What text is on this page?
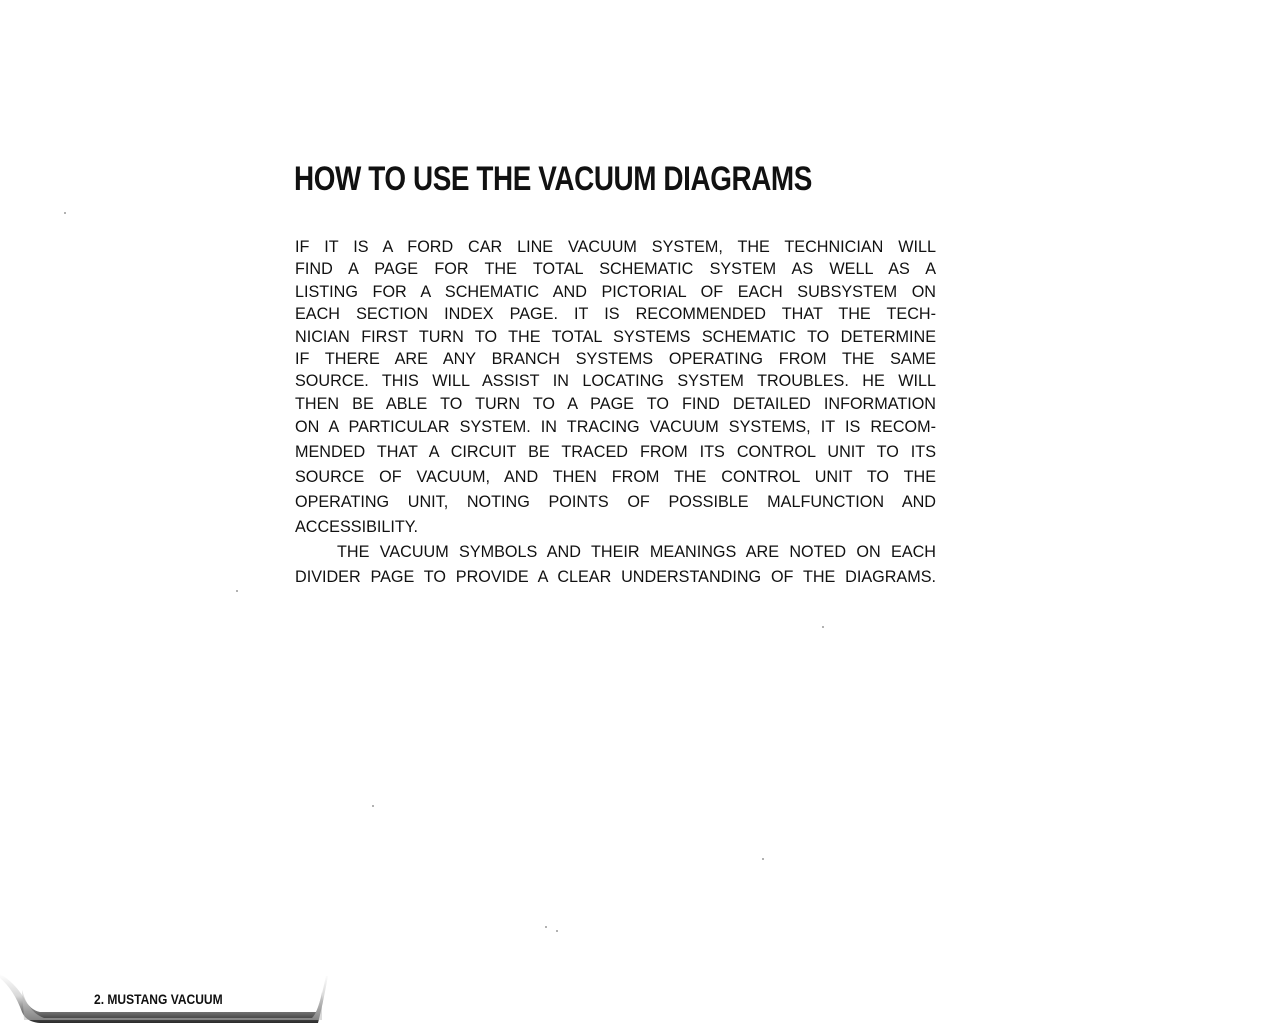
HOW TO USE THE VACUUM DIAGRAMS
IF IT IS A FORD CAR LINE VACUUM SYSTEM, THE TECHNICIAN WILL
FIND A PAGE FOR THE TOTAL SCHEMATIC SYSTEM AS WELL AS A
LISTING FOR A SCHEMATIC AND PICTORIAL OF EACH SUBSYSTEM ON
EACH SECTION INDEX PAGE. IT IS RECOMMENDED THAT THE TECH-
NICIAN FIRST TURN TO THE TOTAL SYSTEMS SCHEMATIC TO DETERMINE
IF THERE ARE ANY BRANCH SYSTEMS OPERATING FROM THE SAME
SOURCE. THIS WILL ASSIST IN LOCATING SYSTEM TROUBLES. HE WILL
THEN BE ABLE TO TURN TO A PAGE TO FIND DETAILED INFORMATION
ON A PARTICULAR SYSTEM. IN TRACING VACUUM SYSTEMS, IT IS RECOM-
MENDED THAT A CIRCUIT BE TRACED FROM ITS CONTROL UNIT TO ITS
SOURCE OF VACUUM, AND THEN FROM THE CONTROL UNIT TO THE
OPERATING UNIT, NOTING POINTS OF POSSIBLE MALFUNCTION AND
ACCESSIBILITY.
THE VACUUM SYMBOLS AND THEIR MEANINGS ARE NOTED ON EACH
DIVIDER PAGE TO PROVIDE A CLEAR UNDERSTANDING OF THE DIAGRAMS.
2. MUSTANG VACUUM
